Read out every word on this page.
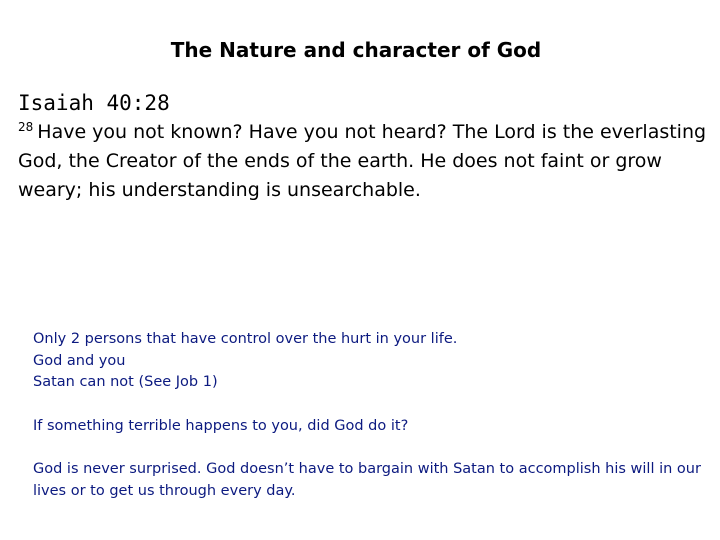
The Nature and character of God
Isaiah 40:28
$^{28}$ Have you not known? Have you not heard? The Lord is the everlasting God, the Creator of the ends of the earth. He does not faint or grow weary; his understanding is unsearchable.
Only 2 persons that have control over the hurt in your life.
God and you
Satan can not (See Job 1)
If something terrible happens to you, did God do it?

God is never surprised. God doesn’t have to bargain with Satan to accomplish his will in our lives or to get us through every day.
